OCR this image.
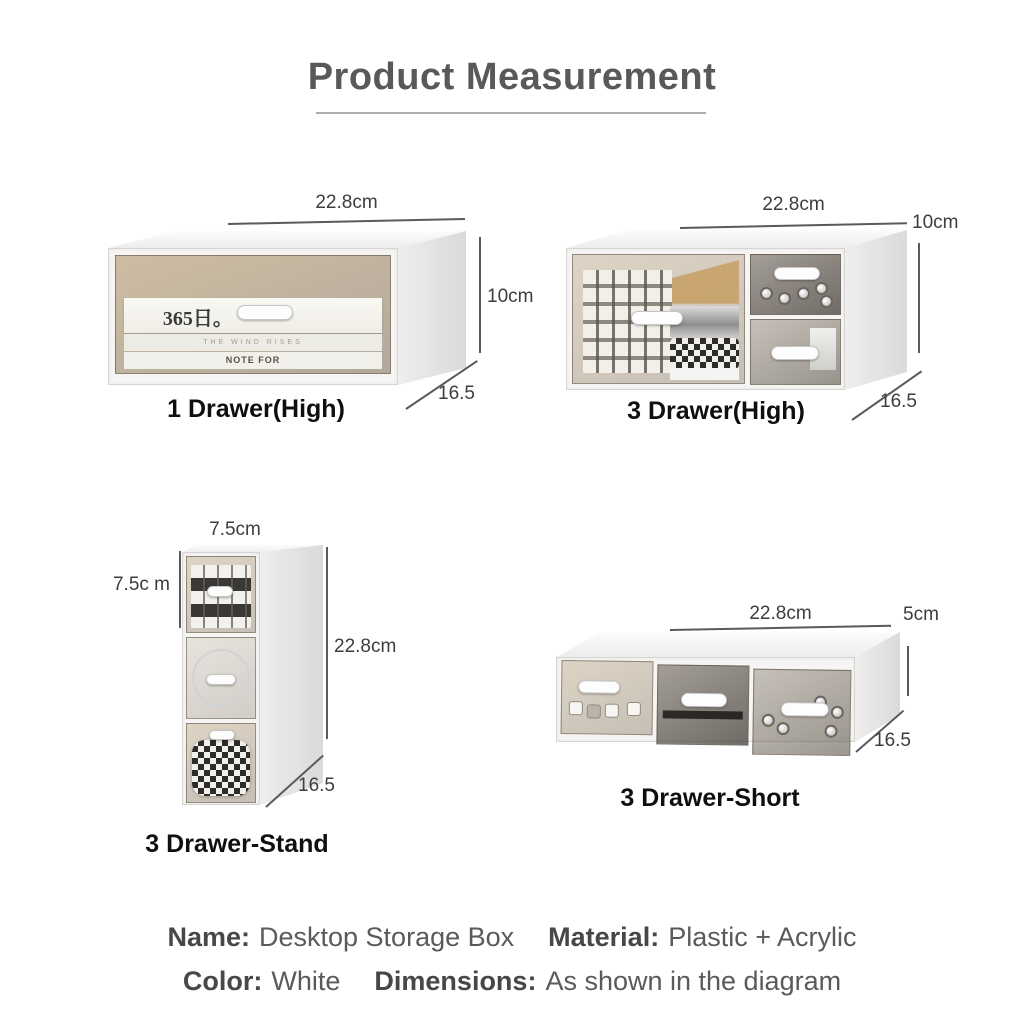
Product Measurement
22.8cm
365日。
THE WIND RISES
NOTE FOR
10cm
16.5
1 Drawer(High)
22.8cm
10cm
16.5
3 Drawer(High)
7.5cm
7.5c m
22.8cm
16.5
3 Drawer-Stand
22.8cm	5cm
16.5
3 Drawer-Short

Name: Desktop Storage Box Material: Plastic + Acrylic

Color: White Dimensions: As shown in the diagram
